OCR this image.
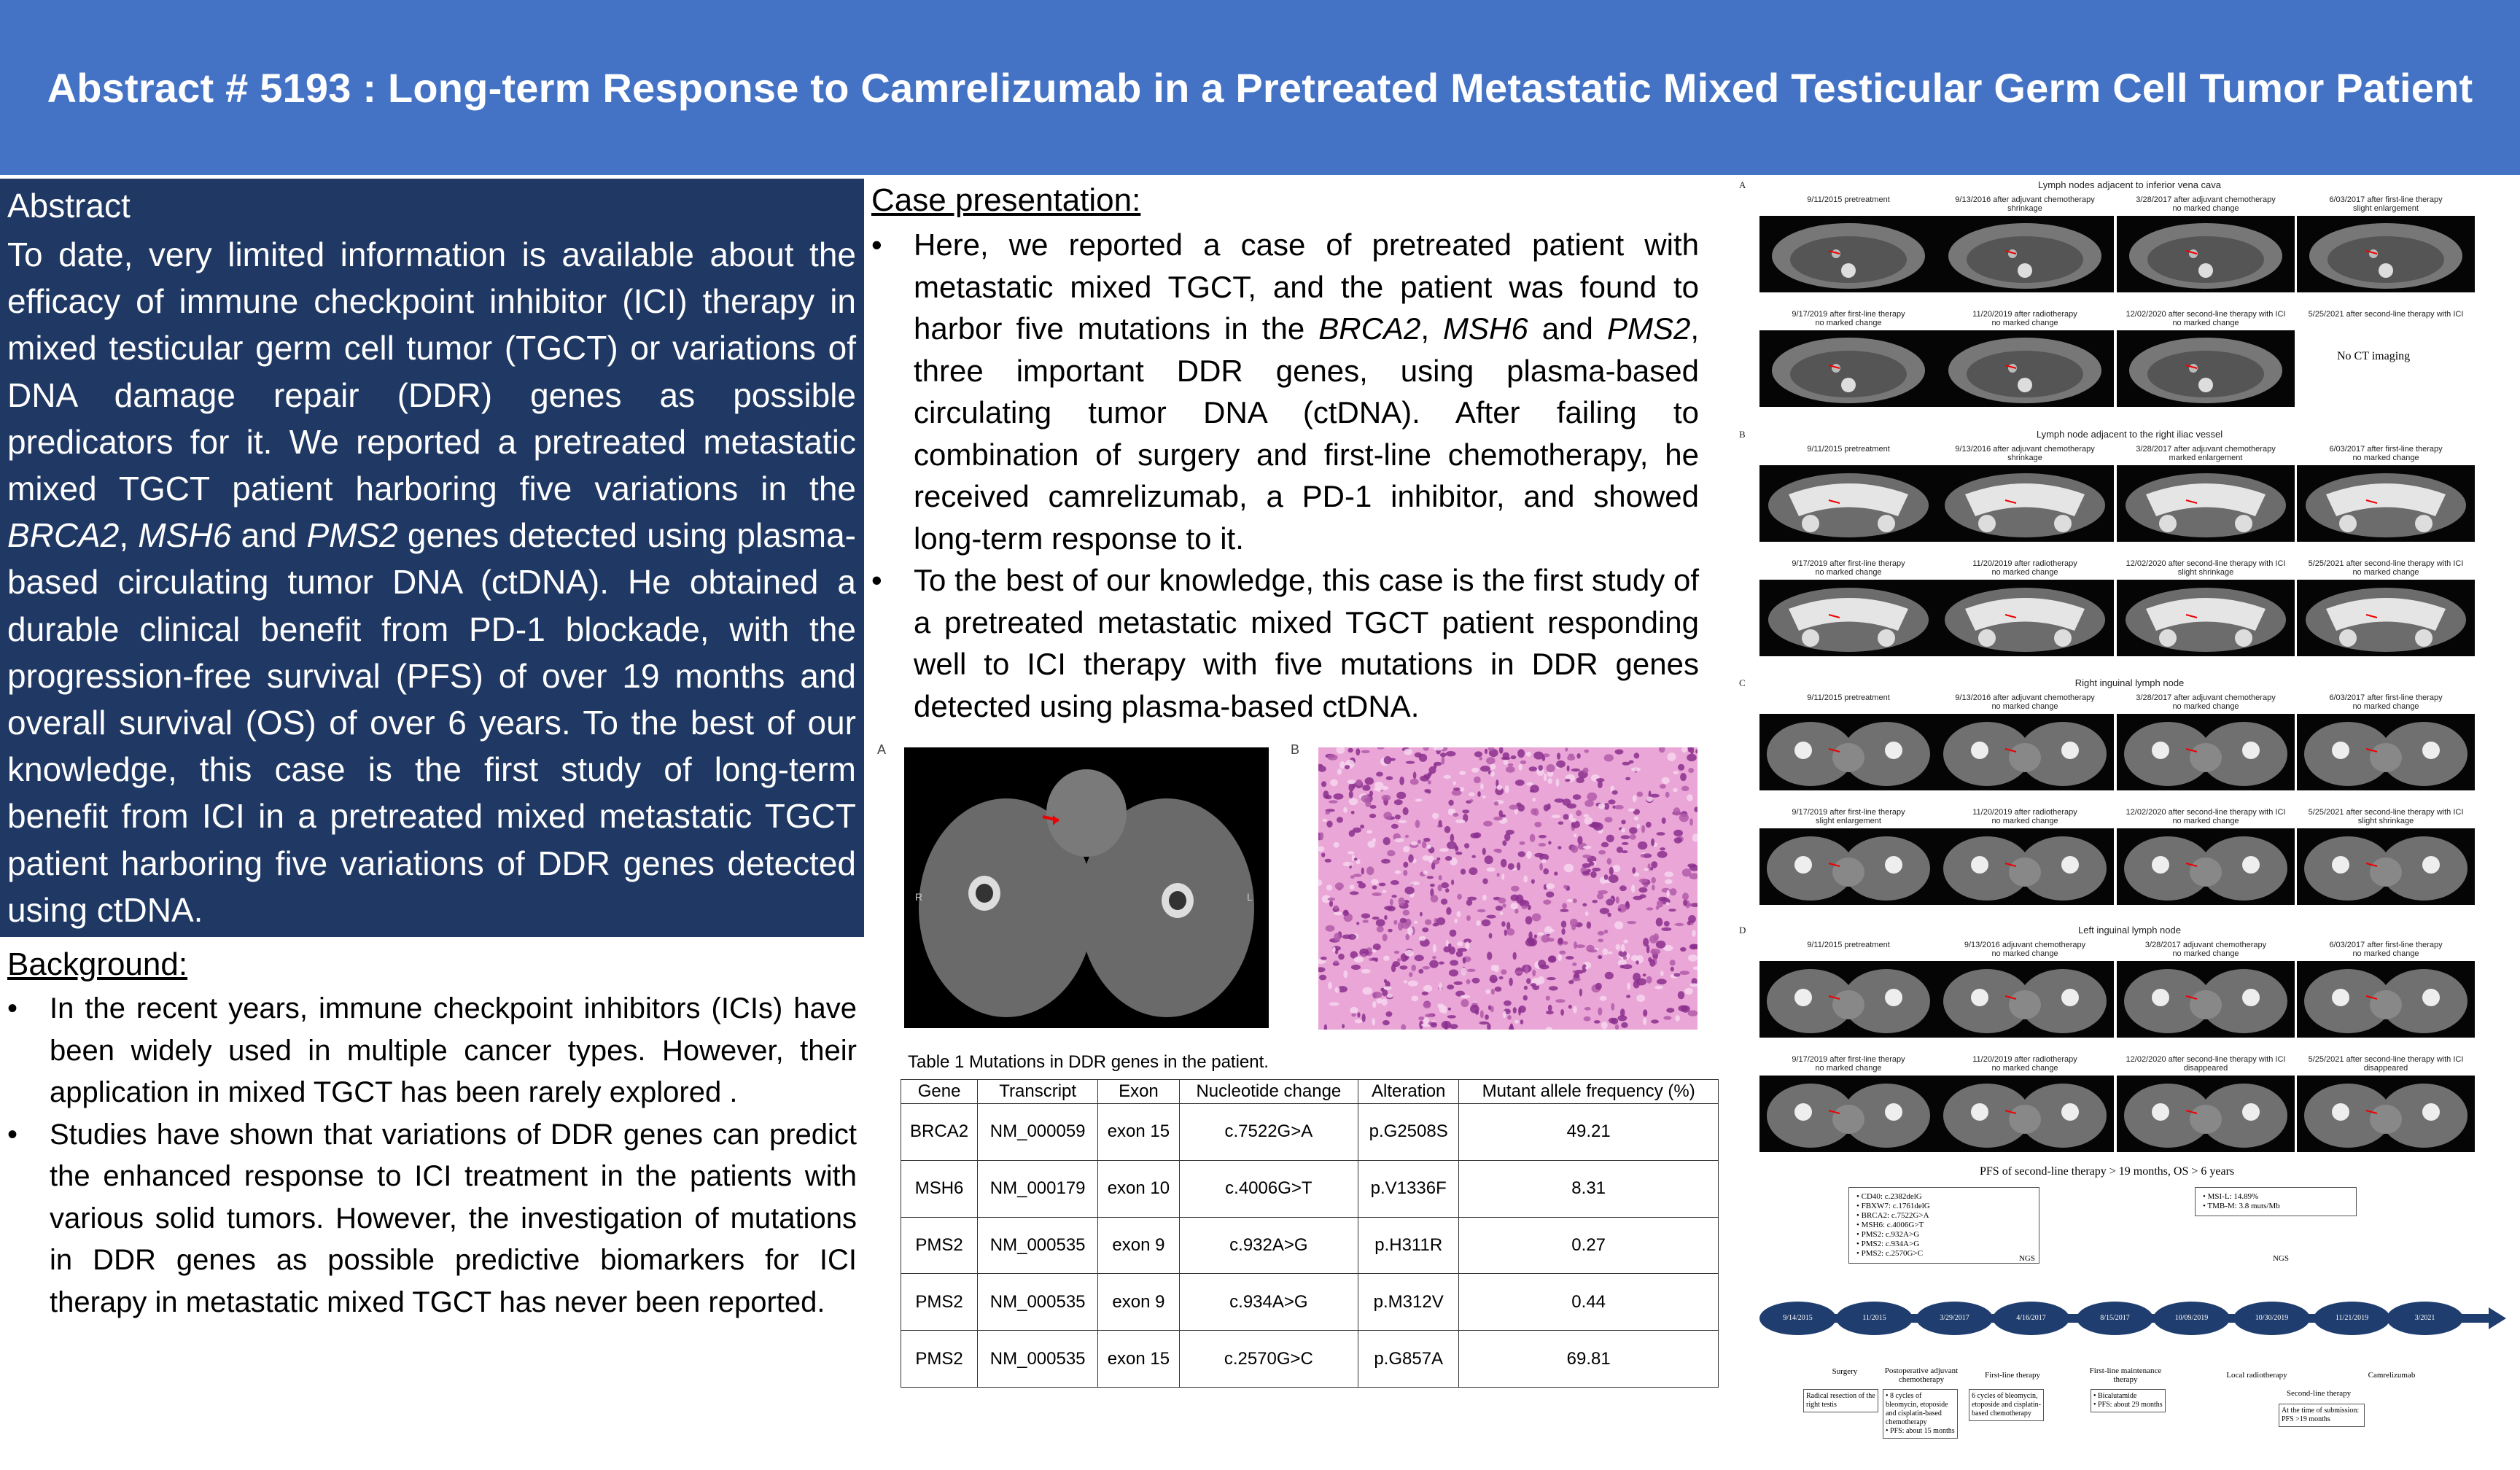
Abstract # 5193 : Long-term Response to Camrelizumab in a Pretreated Metastatic Mixed Testicular Germ Cell Tumor Patient
Abstract
To date, very limited information is available about the efficacy of immune checkpoint inhibitor (ICI) therapy in mixed testicular germ cell tumor (TGCT) or variations of DNA damage repair (DDR) genes as possible predicators for it. We reported a pretreated metastatic mixed TGCT patient harboring five variations in the BRCA2, MSH6 and PMS2 genes detected using plasma-based circulating tumor DNA (ctDNA). He obtained a durable clinical benefit from PD-1 blockade, with the progression-free survival (PFS) of over 19 months and overall survival (OS) of over 6 years. To the best of our knowledge, this case is the first study of long-term benefit from ICI in a pretreated mixed metastatic TGCT patient harboring five variations of DDR genes detected using ctDNA.
Background:
• In the recent years, immune checkpoint inhibitors (ICIs) have been widely used in multiple cancer types. However, their application in mixed TGCT has been rarely explored .
• Studies have shown that variations of DDR genes can predict the enhanced response to ICI treatment in the patients with various solid tumors. However, the investigation of mutations in DDR genes as possible predictive biomarkers for ICI therapy in metastatic mixed TGCT has never been reported.
Case presentation:
• Here, we reported a case of pretreated patient with metastatic mixed TGCT, and the patient was found to harbor five mutations in the BRCA2, MSH6 and PMS2, three important DDR genes, using plasma-based circulating tumor DNA (ctDNA). After failing to combination of surgery and first-line chemotherapy, he received camrelizumab, a PD-1 inhibitor, and showed long-term response to it.
• To the best of our knowledge, this case is the first study of a pretreated metastatic mixed TGCT patient responding well to ICI therapy with five mutations in DDR genes detected using plasma-based ctDNA.
A
R	L
B
Table 1 Mutations in DDR genes in the patient.
Gene	Transcript	Exon	Nucleotide change	Alteration	Mutant allele frequency (%)
BRCA2	NM_000059	exon 15	c.7522G>A	p.G2508S	49.21
MSH6	NM_000179	exon 10	c.4006G>T	p.V1336F	8.31
PMS2	NM_000535	exon 9	c.932A>G	p.H311R	0.27
PMS2	NM_000535	exon 9	c.934A>G	p.M312V	0.44
PMS2	NM_000535	exon 15	c.2570G>C	p.G857A	69.81
A	Lymph nodes adjacent to inferior vena cava
9/11/2015 pretreatment	9/13/2016 after adjuvant chemotherapy
shrinkage
3/28/2017 after adjuvant chemotherapy
no marked change
6/03/2017 after first-line therapy
slight enlargement
9/17/2019 after first-line therapy
no marked change
11/20/2019 after radiotherapy
no marked change
12/02/2020 after second-line therapy with ICI
no marked change
5/25/2021 after second-line therapy with ICI
No CT imaging
B	Lymph node adjacent to the right iliac vessel
9/11/2015 pretreatment	9/13/2016 after adjuvant chemotherapy
shrinkage
3/28/2017 after adjuvant chemotherapy
marked enlargement
6/03/2017 after first-line therapy
no marked change
9/17/2019 after first-line therapy
no marked change
11/20/2019 after radiotherapy
no marked change
12/02/2020 after second-line therapy with ICI
slight shrinkage
5/25/2021 after second-line therapy with ICI
no marked change
C	Right inguinal lymph node
9/11/2015 pretreatment	9/13/2016 after adjuvant chemotherapy
no marked change
3/28/2017 after adjuvant chemotherapy
no marked change
6/03/2017 after first-line therapy
no marked change
9/17/2019 after first-line therapy
slight enlargement
11/20/2019 after radiotherapy
no marked change
12/02/2020 after second-line therapy with ICI
no marked change
5/25/2021 after second-line therapy with ICI
slight shrinkage
D	Left inguinal lymph node
9/11/2015 pretreatment	9/13/2016 adjuvant chemotherapy
no marked change
3/28/2017 adjuvant chemotherapy
no marked change
6/03/2017 after first-line therapy
no marked change
9/17/2019 after first-line therapy
no marked change
11/20/2019 after radiotherapy
no marked change
12/02/2020 after second-line therapy with ICI
disappeared
5/25/2021 after second-line therapy with ICI
disappeared
PFS of second-line therapy > 19 months, OS > 6 years
• CD40: c.2382delG
• FBXW7: c.1761delG
• BRCA2: c.7522G>A
• MSH6: c.4006G>T
• PMS2: c.932A>G
• PMS2: c.934A>G
• PMS2: c.2570G>C
• MSI-L: 14.89%
• TMB-M: 3.8 muts/Mb
NGS	NGS
9/14/2015	11/2015	3/29/2017	4/16/2017	8/15/2017	10/09/2019	10/30/2019	11/21/2019	3/2021
Surgery	Postoperative adjuvant chemotherapy	First-line therapy	First-line maintenance therapy	Local radiotherapy	Camrelizumab
Second-line therapy
Radical resection of the right testis
• 8 cycles of bleomycin, etoposide and cisplatin-based chemotherapy
• PFS: about 15 months
6 cycles of bleomycin, etoposide and cisplatin-based chemotherapy
• Bicalutamide
• PFS: about 29 months
At the time of submission: PFS >19 months
